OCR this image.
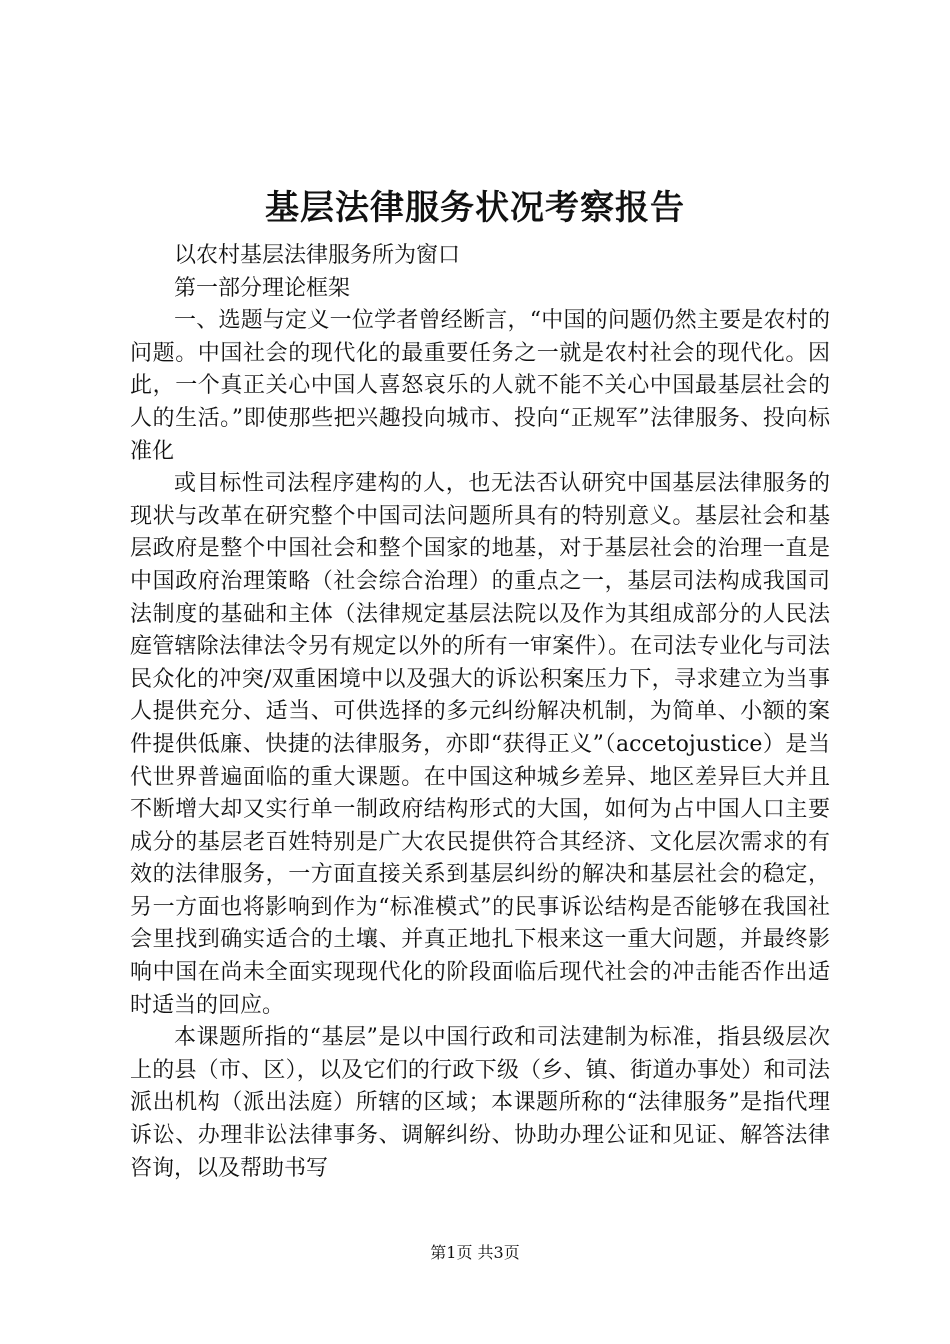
基层法律服务状况考察报告

以农村基层法律服务所为窗口

第一部分理论框架

一、选题与定义一位学者曾经断言，“中国的问题仍然主要是农村的问题。中国社会的现代化的最重要任务之一就是农村社会的现代化。因此，一个真正关心中国人喜怒哀乐的人就不能不关心中国最基层社会的人的生活。”即使那些把兴趣投向城市、投向“正规军”法律服务、投向标准化

或目标性司法程序建构的人，也无法否认研究中国基层法律服务的现状与改革在研究整个中国司法问题所具有的特别意义。基层社会和基层政府是整个中国社会和整个国家的地基，对于基层社会的治理一直是中国政府治理策略（社会综合治理）的重点之一，基层司法构成我国司法制度的基础和主体（法律规定基层法院以及作为其组成部分的人民法庭管辖除法律法令另有规定以外的所有一审案件）。在司法专业化与司法民众化的冲突/双重困境中以及强大的诉讼积案压力下，寻求建立为当事人提供充分、适当、可供选择的多元纠纷解决机制，为简单、小额的案件提供低廉、快捷的法律服务，亦即“获得正义”（accetojustice）是当代世界普遍面临的重大课题。在中国这种城乡差异、地区差异巨大并且不断增大却又实行单一制政府结构形式的大国，如何为占中国人口主要成分的基层老百姓特别是广大农民提供符合其经济、文化层次需求的有效的法律服务，一方面直接关系到基层纠纷的解决和基层社会的稳定，另一方面也将影响到作为“标准模式”的民事诉讼结构是否能够在我国社会里找到确实适合的土壤、并真正地扎下根来这一重大问题，并最终影响中国在尚未全面实现现代化的阶段面临后现代社会的冲击能否作出适时适当的回应。

本课题所指的“基层”是以中国行政和司法建制为标准，指县级层次上的县（市、区），以及它们的行政下级（乡、镇、街道办事处）和司法派出机构（派出法庭）所辖的区域；本课题所称的“法律服务”是指代理诉讼、办理非讼法律事务、调解纠纷、协助办理公证和见证、解答法律咨询，以及帮助书写

第1页 共3页
